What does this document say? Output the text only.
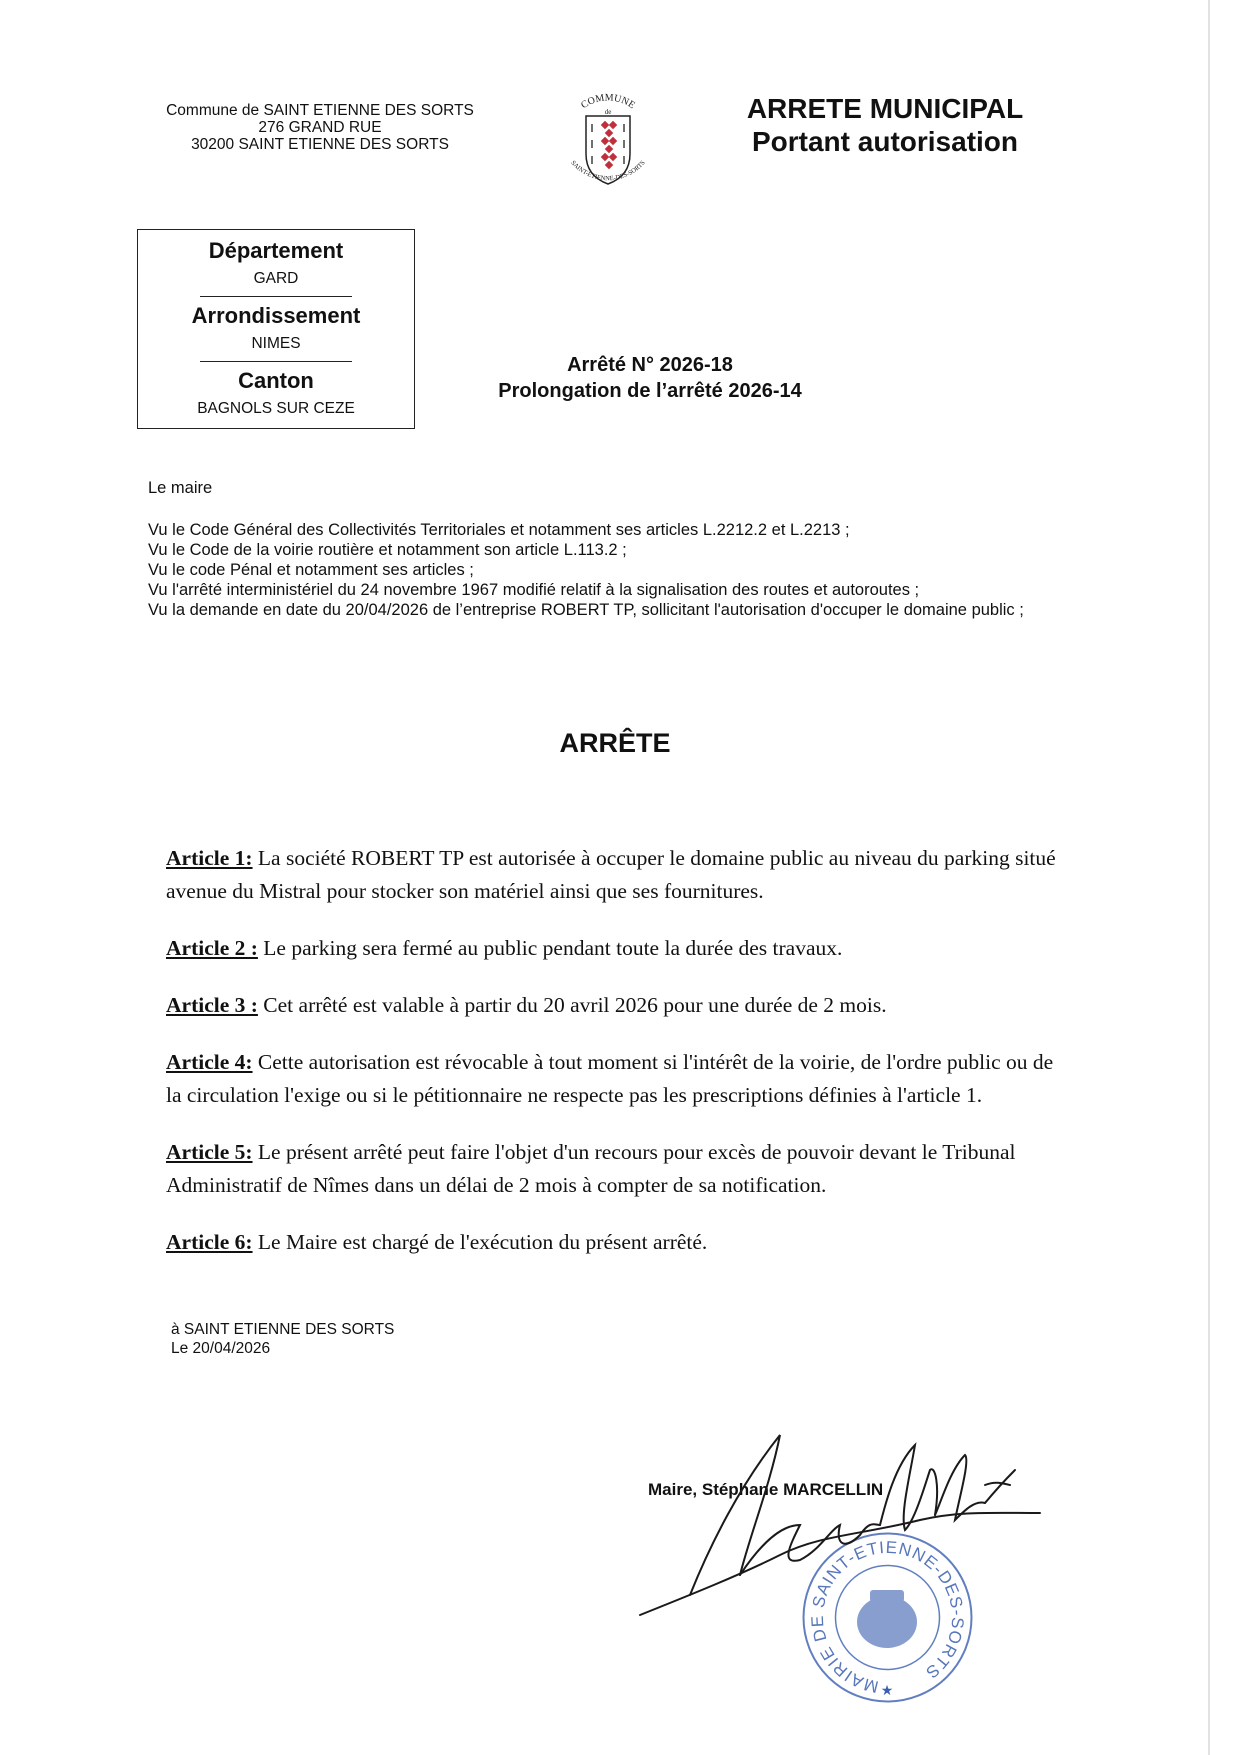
Commune de SAINT ETIENNE DES SORTS
276 GRAND RUE
30200 SAINT ETIENNE DES SORTS
COMMUNE
de
SAINT-ETIENNE-DES-SORTS
ARRETE MUNICIPAL
Portant autorisation
Département
GARD
Arrondissement
NIMES
Canton
BAGNOLS SUR CEZE
Arrêté N° 2026-18
Prolongation de l’arrêté 2026-14

Le maire

Vu le Code Général des Collectivités Territoriales et notamment ses articles L.2212.2 et L.2213 ;

Vu le Code de la voirie routière et notamment son article L.113.2 ;

Vu le code Pénal et notamment ses articles ;

Vu l'arrêté interministériel du 24 novembre 1967 modifié relatif à la signalisation des routes et autoroutes ;

Vu la demande en date du 20/04/2026 de l’entreprise ROBERT TP, sollicitant l'autorisation d'occuper le domaine public ;

ARRÊTE

Article 1: La société ROBERT TP est autorisée à occuper le domaine public au niveau du parking situé avenue du Mistral pour stocker son matériel ainsi que ses fournitures.

Article 2 : Le parking sera fermé au public pendant toute la durée des travaux.

Article 3 : Cet arrêté est valable à partir du 20 avril 2026 pour une durée de 2 mois.

Article 4: Cette autorisation est révocable à tout moment si l'intérêt de la voirie, de l'ordre public ou de la circulation l'exige ou si le pétitionnaire ne respecte pas les prescriptions définies à l'article 1.

Article 5: Le présent arrêté peut faire l'objet d'un recours pour excès de pouvoir devant le Tribunal Administratif de Nîmes dans un délai de 2 mois à compter de sa notification.

Article 6: Le Maire est chargé de l'exécution du présent arrêté.

à SAINT ETIENNE DES SORTS
Le 20/04/2026
Maire, Stéphane MARCELLIN
MAIRIE DE SAINT-ETIENNE-DES-SORTS
★
